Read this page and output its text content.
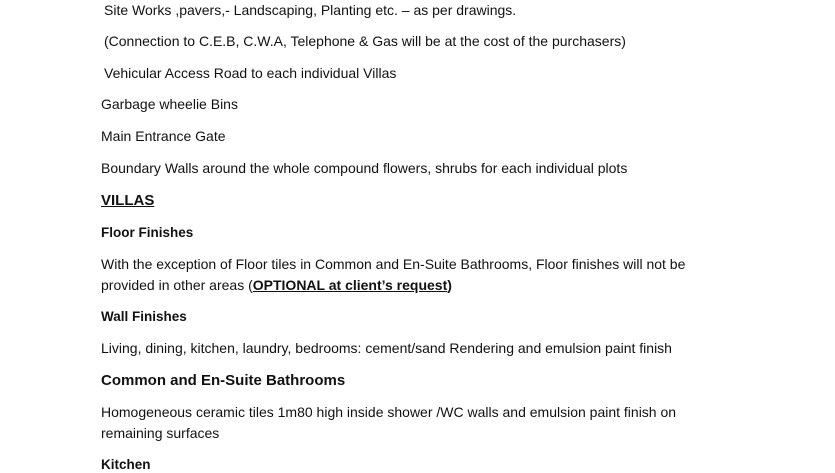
Site Works ,pavers,- Landscaping, Planting etc. – as per drawings.
(Connection to C.E.B, C.W.A, Telephone & Gas will be at the cost of the purchasers)
Vehicular Access Road to each individual Villas
Garbage wheelie Bins
Main Entrance Gate
Boundary Walls around the whole compound flowers, shrubs for each individual plots
VILLAS
Floor Finishes
With the exception of Floor tiles in Common and En-Suite Bathrooms, Floor finishes will not be
provided in other areas (OPTIONAL at client’s request)
Wall Finishes
Living, dining, kitchen, laundry, bedrooms: cement/sand Rendering and emulsion paint finish
Common and En-Suite Bathrooms
Homogeneous ceramic tiles 1m80 high inside shower /WC walls and emulsion paint finish on
remaining surfaces
Kitchen
